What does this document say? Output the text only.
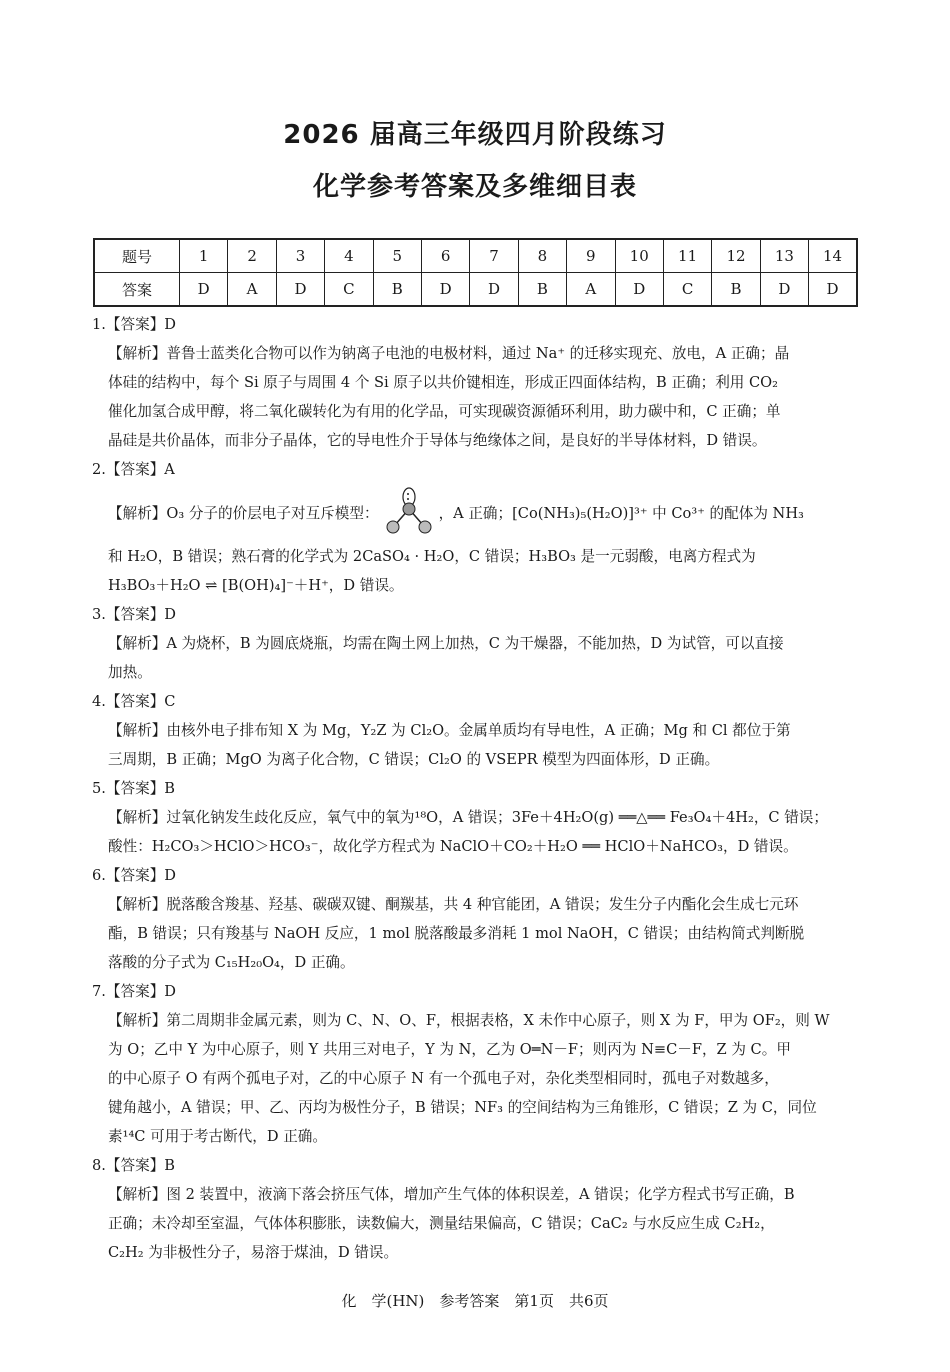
2026 届高三年级四月阶段练习
化学参考答案及多维细目表
题号	1	2	3	4	5	6	7	8	9	10	11	12	13	14
答案	D	A	D	C	B	D	D	B	A	D	C	B	D	D
1.【答案】D
【解析】普鲁士蓝类化合物可以作为钠离子电池的电极材料，通过 Na⁺ 的迁移实现充、放电，A 正确；晶
体硅的结构中，每个 Si 原子与周围 4 个 Si 原子以共价键相连，形成正四面体结构，B 正确；利用 CO₂
催化加氢合成甲醇，将二氧化碳转化为有用的化学品，可实现碳资源循环利用，助力碳中和，C 正确；单
晶硅是共价晶体，而非分子晶体，它的导电性介于导体与绝缘体之间，是良好的半导体材料，D 错误。
2.【答案】A
【解析】O₃ 分子的价层电子对互斥模型：	，A 正确；[Co(NH₃)₅(H₂O)]³⁺ 中 Co³⁺ 的配体为 NH₃
和 H₂O，B 错误；熟石膏的化学式为 2CaSO₄ · H₂O，C 错误；H₃BO₃ 是一元弱酸，电离方程式为
H₃BO₃＋H₂O ⇌ [B(OH)₄]⁻＋H⁺，D 错误。
3.【答案】D
【解析】A 为烧杯，B 为圆底烧瓶，均需在陶土网上加热，C 为干燥器，不能加热，D 为试管，可以直接
加热。
4.【答案】C
【解析】由核外电子排布知 X 为 Mg，Y₂Z 为 Cl₂O。金属单质均有导电性，A 正确；Mg 和 Cl 都位于第
三周期，B 正确；MgO 为离子化合物，C 错误；Cl₂O 的 VSEPR 模型为四面体形，D 正确。
5.【答案】B
【解析】过氧化钠发生歧化反应，氧气中的氧为¹⁸O，A 错误；3Fe＋4H₂O(g) ══△══ Fe₃O₄＋4H₂，C 错误；
酸性：H₂CO₃＞HClO＞HCO₃⁻，故化学方程式为 NaClO＋CO₂＋H₂O ══ HClO＋NaHCO₃，D 错误。
6.【答案】D
【解析】脱落酸含羧基、羟基、碳碳双键、酮羰基，共 4 种官能团，A 错误；发生分子内酯化会生成七元环
酯，B 错误；只有羧基与 NaOH 反应，1 mol 脱落酸最多消耗 1 mol NaOH，C 错误；由结构简式判断脱
落酸的分子式为 C₁₅H₂₀O₄，D 正确。
7.【答案】D
【解析】第二周期非金属元素，则为 C、N、O、F，根据表格，X 未作中心原子，则 X 为 F，甲为 OF₂，则 W
为 O；乙中 Y 为中心原子，则 Y 共用三对电子，Y 为 N，乙为 O═N－F；则丙为 N≡C－F，Z 为 C。甲
的中心原子 O 有两个孤电子对，乙的中心原子 N 有一个孤电子对，杂化类型相同时，孤电子对数越多，
键角越小，A 错误；甲、乙、丙均为极性分子，B 错误；NF₃ 的空间结构为三角锥形，C 错误；Z 为 C，同位
素¹⁴C 可用于考古断代，D 正确。
8.【答案】B
【解析】图 2 装置中，液滴下落会挤压气体，增加产生气体的体积误差，A 错误；化学方程式书写正确，B
正确；未冷却至室温，气体体积膨胀，读数偏大，测量结果偏高，C 错误；CaC₂ 与水反应生成 C₂H₂，
C₂H₂ 为非极性分子，易溶于煤油，D 错误。
化　学(HN)　参考答案　第1页　共6页
